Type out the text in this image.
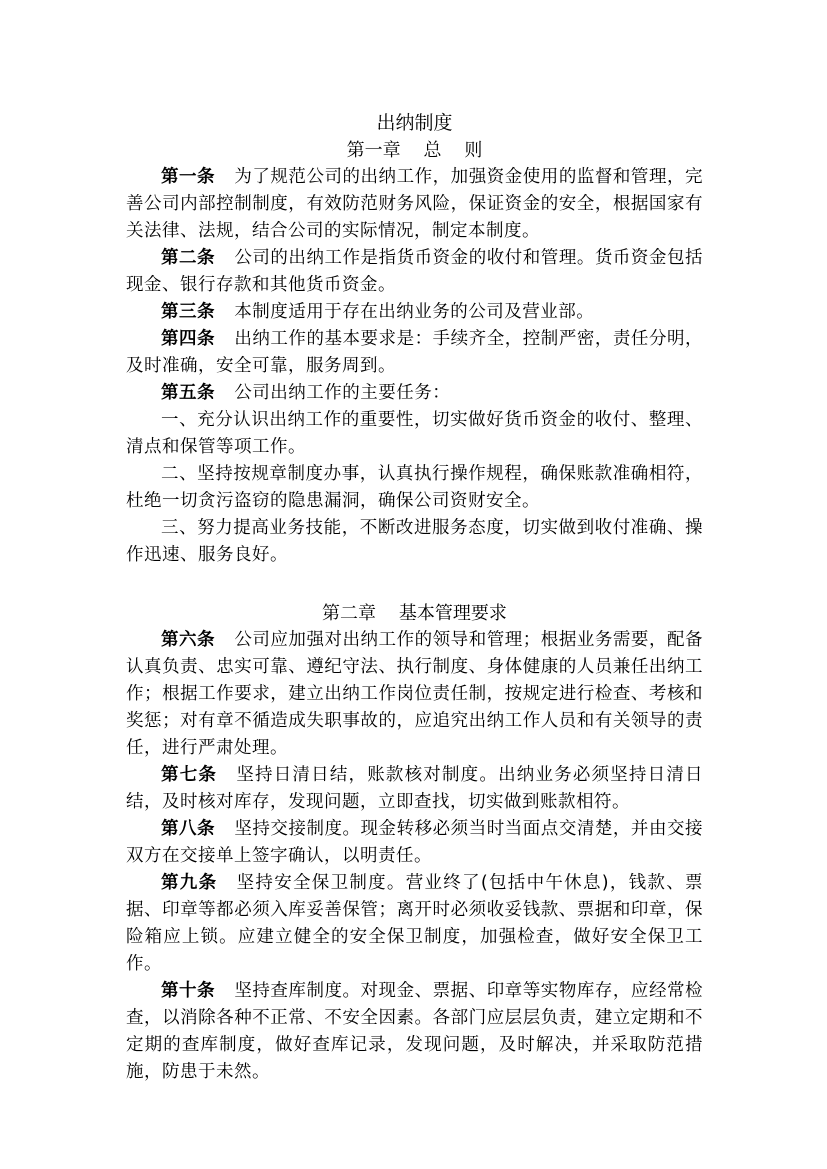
出纳制度
第一章    总    则

第一条 为了规范公司的出纳工作，加强资金使用的监督和管理，完善公司内部控制制度，有效防范财务风险，保证资金的安全，根据国家有关法律、法规，结合公司的实际情况，制定本制度。

第二条 公司的出纳工作是指货币资金的收付和管理。货币资金包括现金、银行存款和其他货币资金。

第三条 本制度适用于存在出纳业务的公司及营业部。

第四条 出纳工作的基本要求是：手续齐全，控制严密，责任分明，及时准确，安全可靠，服务周到。

第五条 公司出纳工作的主要任务：

一、充分认识出纳工作的重要性，切实做好货币资金的收付、整理、清点和保管等项工作。

二、坚持按规章制度办事，认真执行操作规程，确保账款准确相符，杜绝一切贪污盗窃的隐患漏洞，确保公司资财安全。

三、努力提高业务技能，不断改进服务态度，切实做到收付准确、操作迅速、服务良好。

第二章    基本管理要求

第六条 公司应加强对出纳工作的领导和管理；根据业务需要，配备认真负责、忠实可靠、遵纪守法、执行制度、身体健康的人员兼任出纳工作；根据工作要求，建立出纳工作岗位责任制，按规定进行检查、考核和奖惩；对有章不循造成失职事故的，应追究出纳工作人员和有关领导的责任，进行严肃处理。

第七条 坚持日清日结，账款核对制度。出纳业务必须坚持日清日结，及时核对库存，发现问题，立即查找，切实做到账款相符。

第八条 坚持交接制度。现金转移必须当时当面点交清楚，并由交接双方在交接单上签字确认，以明责任。

第九条 坚持安全保卫制度。营业终了(包括中午休息)，钱款、票据、印章等都必须入库妥善保管；离开时必须收妥钱款、票据和印章，保险箱应上锁。应建立健全的安全保卫制度，加强检查，做好安全保卫工作。

第十条 坚持查库制度。对现金、票据、印章等实物库存，应经常检查，以消除各种不正常、不安全因素。各部门应层层负责，建立定期和不定期的查库制度，做好查库记录，发现问题，及时解决，并采取防范措施，防患于未然。
